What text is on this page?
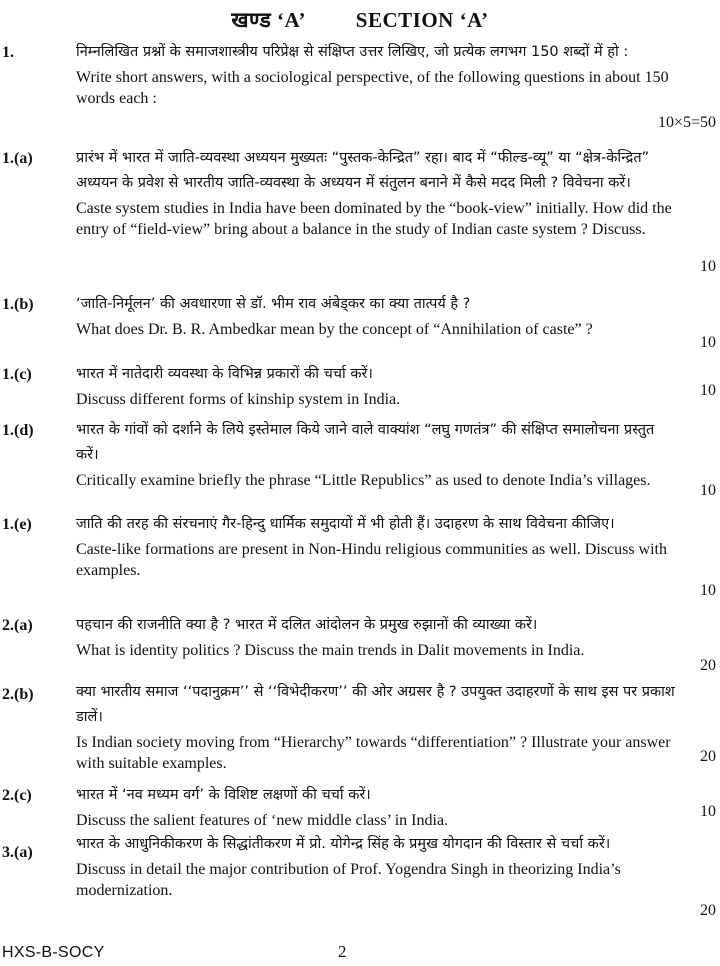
खण्ड ‘A’ SECTION ‘A’
1.	निम्नलिखित प्रश्नों के समाजशास्त्रीय परिप्रेक्ष से संक्षिप्त उत्तर लिखिए, जो प्रत्येक लगभग 150 शब्दों में हो :
Write short answers, with a sociological perspective, of the following questions in about 150 words each :
10×5=50
1.(a)	प्रारंभ में भारत में जाति-व्यवस्था अध्ययन मुख्यतः “पुस्तक-केन्द्रित” रहा। बाद में “फील्ड-व्यू” या “क्षेत्र-केन्द्रित” अध्ययन के प्रवेश से भारतीय जाति-व्यवस्था के अध्ययन में संतुलन बनाने में कैसे मदद मिली ? विवेचना करें।
Caste system studies in India have been dominated by the “book-view” initially. How did the entry of “field-view” bring about a balance in the study of Indian caste system ? Discuss.
10
1.(b)	‘जाति-निर्मूलन’ की अवधारणा से डॉ. भीम राव अंबेड्कर का क्या तात्पर्य है ?
What does Dr. B. R. Ambedkar mean by the concept of “Annihilation of caste” ?
10
1.(c)	भारत में नातेदारी व्यवस्था के विभिन्न प्रकारों की चर्चा करें।
Discuss different forms of kinship system in India.
10
1.(d)	भारत के गांवों को दर्शाने के लिये इस्तेमाल किये जाने वाले वाक्यांश “लघु गणतंत्र” की संक्षिप्त समालोचना प्रस्तुत करें।
Critically examine briefly the phrase “Little Republics” as used to denote India’s villages.
10
1.(e)	जाति की तरह की संरचनाएं गैर-हिन्दु धार्मिक समुदायों में भी होती हैं। उदाहरण के साथ विवेचना कीजिए।
Caste-like formations are present in Non-Hindu religious communities as well. Discuss with examples.
10
2.(a)	पहचान की राजनीति क्या है ? भारत में दलित आंदोलन के प्रमुख रुझानों की व्याख्या करें।
What is identity politics ? Discuss the main trends in Dalit movements in India.
20
2.(b)	क्या भारतीय समाज ‘‘पदानुक्रम’’ से ‘‘विभेदीकरण’’ की ओर अग्रसर है ? उपयुक्त उदाहरणों के साथ इस पर प्रकाश डालें।
Is Indian society moving from “Hierarchy” towards “differentiation” ? Illustrate your answer with suitable examples.	20
2.(c)	भारत में ‘नव मध्यम वर्ग’ के विशिष्ट लक्षणों की चर्चा करें।
Discuss the salient features of ‘new middle class’ in India.
10
3.(a)	भारत के आधुनिकीकरण के सिद्धांतीकरण में प्रो. योगेन्द्र सिंह के प्रमुख योगदान की विस्तार से चर्चा करें।
Discuss in detail the major contribution of Prof. Yogendra Singh in theorizing India’s modernization.
20
HXS-B-SOCY	2
